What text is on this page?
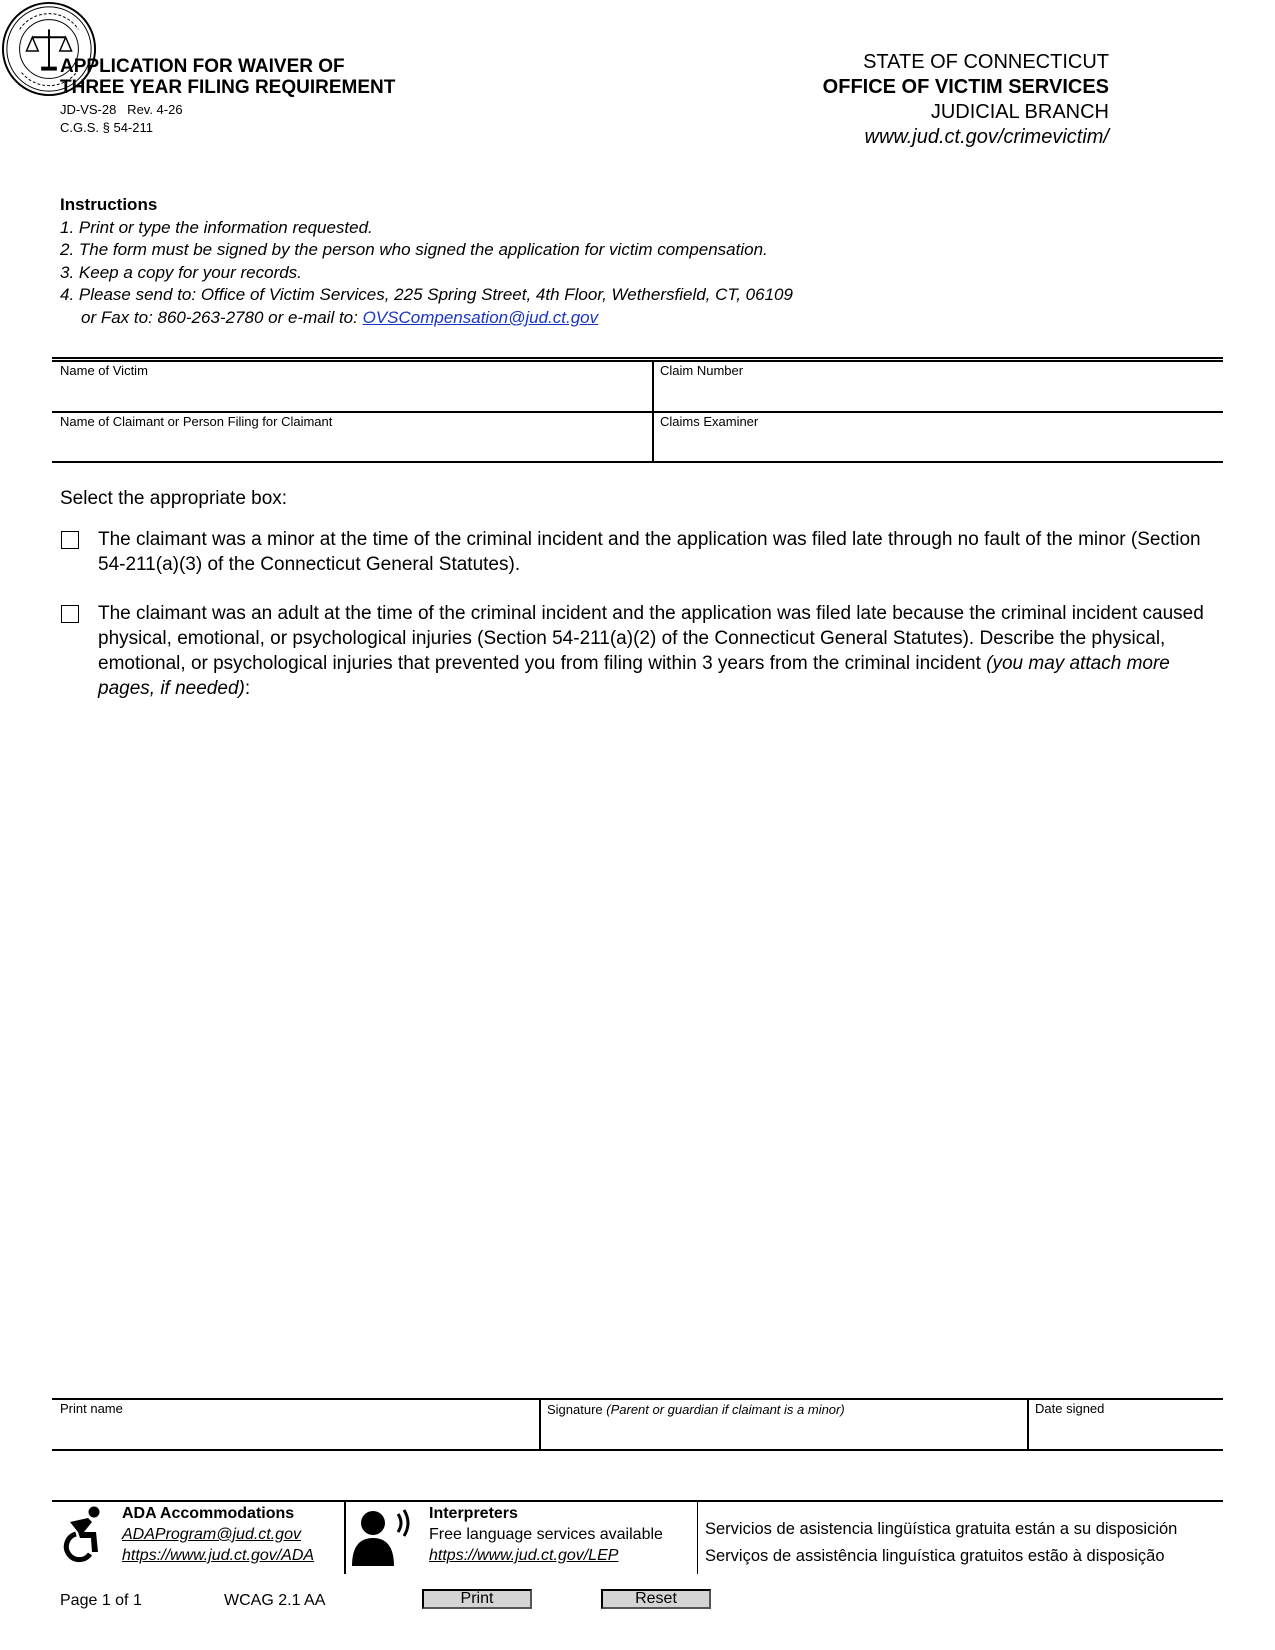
APPLICATION FOR WAIVER OF
THREE YEAR FILING REQUIREMENT
JD-VS-28   Rev. 4-26
C.G.S. § 54-211
STATE OF CONNECTICUT
OFFICE OF VICTIM SERVICES
JUDICIAL BRANCH
www.jud.ct.gov/crimevictim/
Instructions
1. Print or type the information requested.
2. The form must be signed by the person who signed the application for victim compensation.
3. Keep a copy for your records.
4. Please send to: Office of Victim Services, 225 Spring Street, 4th Floor, Wethersfield, CT, 06109
or Fax to: 860-263-2780 or e-mail to: OVSCompensation@jud.ct.gov
Name of Victim	Claim Number
Name of Claimant or Person Filing for Claimant	Claims Examiner
Select the appropriate box:
The claimant was a minor at the time of the criminal incident and the application was filed late through no fault of the minor (Section 54-211(a)(3) of the Connecticut General Statutes).
The claimant was an adult at the time of the criminal incident and the application was filed late because the criminal incident caused physical, emotional, or psychological injuries (Section 54-211(a)(2) of the Connecticut General Statutes). Describe the physical, emotional, or psychological injuries that prevented you from filing within 3 years from the criminal incident (you may attach more pages, if needed):
Print name	Signature (Parent or guardian if claimant is a minor)	Date signed
ADA Accommodations
ADAProgram@jud.ct.gov
https://www.jud.ct.gov/ADA
Interpreters
Free language services available
https://www.jud.ct.gov/LEP
Servicios de asistencia lingüística gratuita están a su disposición
Serviços de assistência linguística gratuitos estão à disposição
Page 1 of 1	WCAG 2.1 AA	Print	Reset
